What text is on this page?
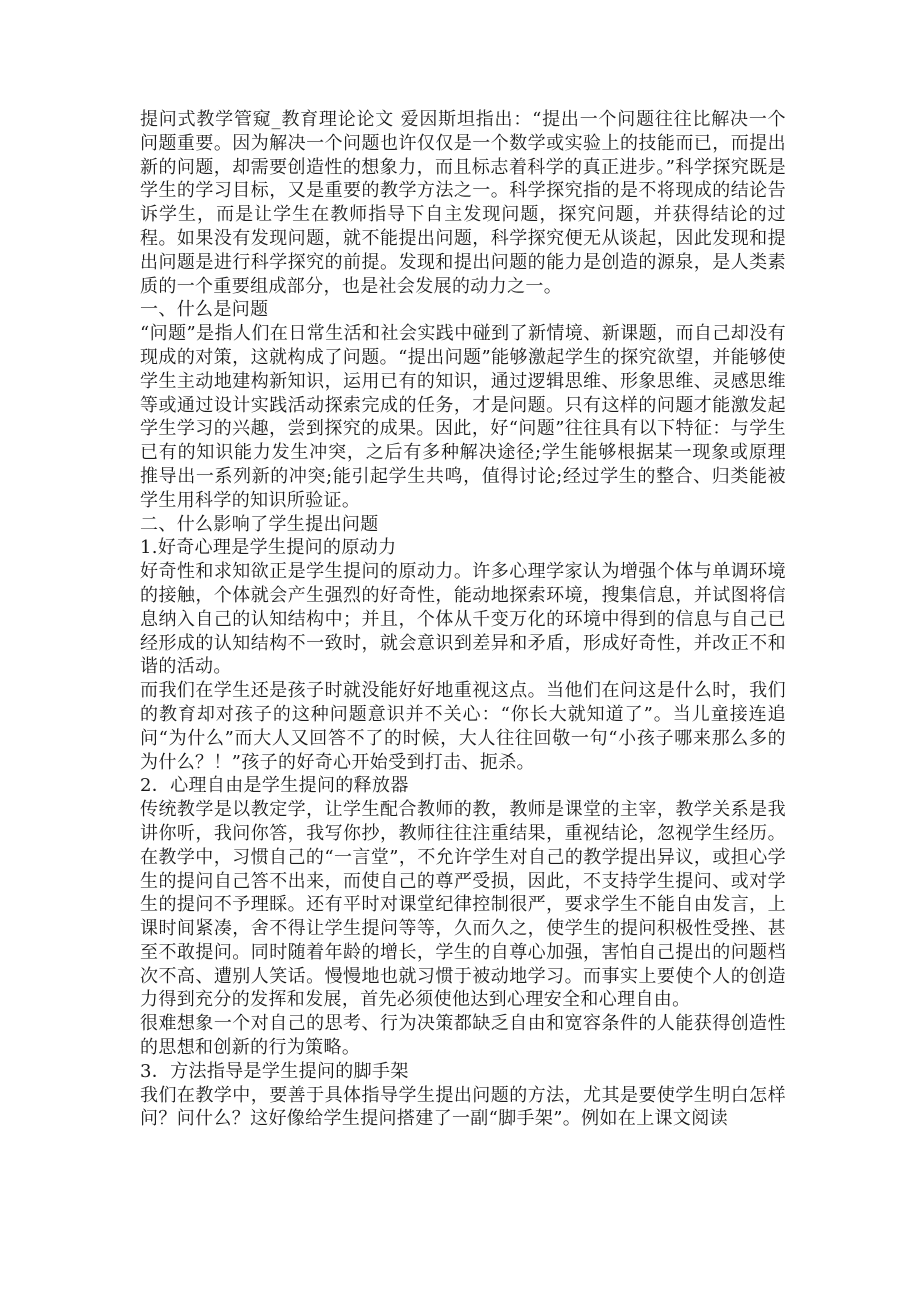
提问式教学管窥_教育理论论文 爱因斯坦指出：“提出一个问题往往比解决一个问题重要。因为解决一个问题也许仅仅是一个数学或实验上的技能而已，而提出新的问题，却需要创造性的想象力，而且标志着科学的真正进步。”科学探究既是学生的学习目标，又是重要的教学方法之一。科学探究指的是不将现成的结论告诉学生，而是让学生在教师指导下自主发现问题，探究问题，并获得结论的过程。如果没有发现问题，就不能提出问题，科学探究便无从谈起，因此发现和提出问题是进行科学探究的前提。发现和提出问题的能力是创造的源泉，是人类素质的一个重要组成部分，也是社会发展的动力之一。

一、什么是问题

“问题”是指人们在日常生活和社会实践中碰到了新情境、新课题，而自己却没有现成的对策，这就构成了问题。“提出问题”能够激起学生的探究欲望，并能够使学生主动地建构新知识，运用已有的知识，通过逻辑思维、形象思维、灵感思维等或通过设计实践活动探索完成的任务，才是问题。只有这样的问题才能激发起学生学习的兴趣，尝到探究的成果。因此，好“问题”往往具有以下特征：与学生已有的知识能力发生冲突，之后有多种解决途径;学生能够根据某一现象或原理推导出一系列新的冲突;能引起学生共鸣，值得讨论;经过学生的整合、归类能被学生用科学的知识所验证。

二、什么影响了学生提出问题

1.好奇心理是学生提问的原动力

好奇性和求知欲正是学生提问的原动力。许多心理学家认为增强个体与单调环境的接触，个体就会产生强烈的好奇性，能动地探索环境，搜集信息，并试图将信息纳入自己的认知结构中；并且，个体从千变万化的环境中得到的信息与自己已经形成的认知结构不一致时，就会意识到差异和矛盾，形成好奇性，并改正不和谐的活动。

而我们在学生还是孩子时就没能好好地重视这点。当他们在问这是什么时，我们的教育却对孩子的这种问题意识并不关心：“你长大就知道了”。当儿童接连追问“为什么”而大人又回答不了的时候，大人往往回敬一句“小孩子哪来那么多的为什么？！”孩子的好奇心开始受到打击、扼杀。

2．心理自由是学生提问的释放器

传统教学是以教定学，让学生配合教师的教，教师是课堂的主宰，教学关系是我讲你听，我问你答，我写你抄，教师往往注重结果，重视结论，忽视学生经历。在教学中，习惯自己的“一言堂”，不允许学生对自己的教学提出异议，或担心学生的提问自己答不出来，而使自己的尊严受损，因此，不支持学生提问、或对学生的提问不予理睬。还有平时对课堂纪律控制很严，要求学生不能自由发言，上课时间紧凑，舍不得让学生提问等等，久而久之，使学生的提问积极性受挫、甚至不敢提问。同时随着年龄的增长，学生的自尊心加强，害怕自己提出的问题档次不高、遭别人笑话。慢慢地也就习惯于被动地学习。而事实上要使个人的创造力得到充分的发挥和发展，首先必须使他达到心理安全和心理自由。

很难想象一个对自己的思考、行为决策都缺乏自由和宽容条件的人能获得创造性的思想和创新的行为策略。

3．方法指导是学生提问的脚手架

我们在教学中，要善于具体指导学生提出问题的方法，尤其是要使学生明白怎样问？问什么？这好像给学生提问搭建了一副“脚手架”。例如在上课文阅读
